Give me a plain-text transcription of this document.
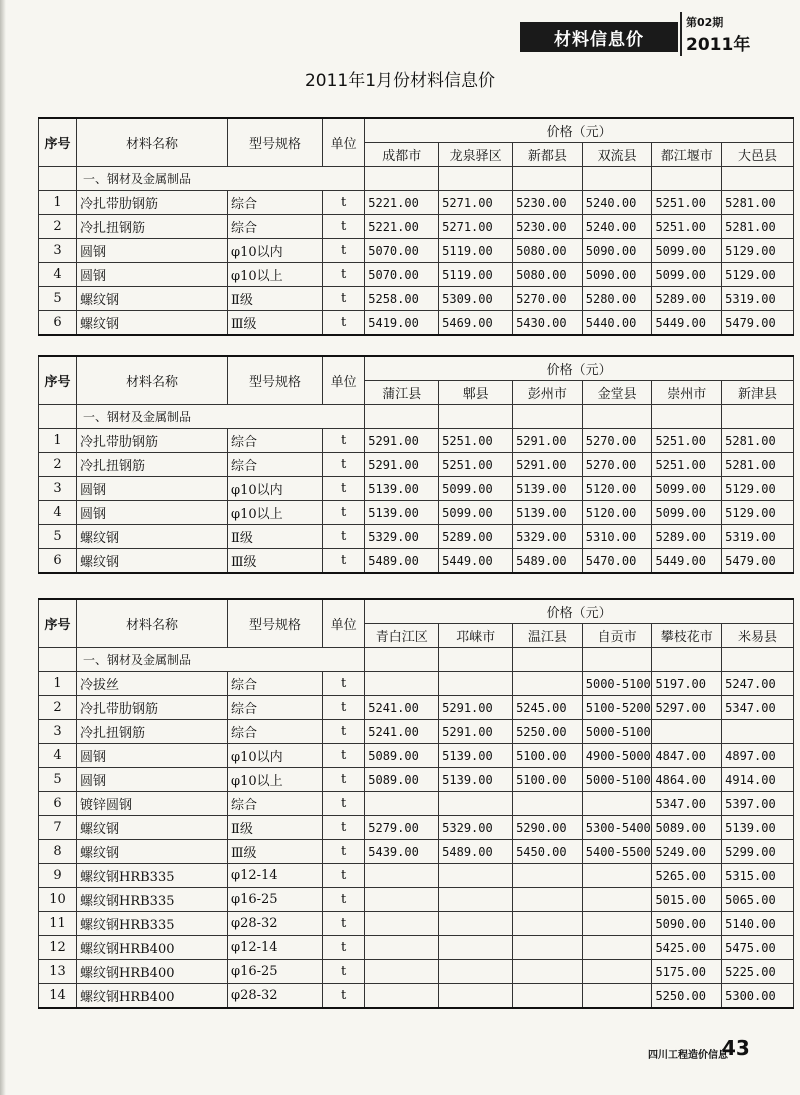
材料信息价
第02期
2011年
2011年1月份材料信息价
序号	材料名称	型号规格	单位	价格（元）					
				成都市	龙泉驿区	新都县	双流县	都江堰市	大邑县
	一、钢材及金属制品								
1	冷扎带肋钢筋	综合	t	5221.00	5271.00	5230.00	5240.00	5251.00	5281.00
2	冷扎扭钢筋	综合	t	5221.00	5271.00	5230.00	5240.00	5251.00	5281.00
3	圆钢	φ10以内	t	5070.00	5119.00	5080.00	5090.00	5099.00	5129.00
4	圆钢	φ10以上	t	5070.00	5119.00	5080.00	5090.00	5099.00	5129.00
5	螺纹钢	Ⅱ级	t	5258.00	5309.00	5270.00	5280.00	5289.00	5319.00
6	螺纹钢	Ⅲ级	t	5419.00	5469.00	5430.00	5440.00	5449.00	5479.00
序号	材料名称	型号规格	单位	价格（元）					
				蒲江县	郫县	彭州市	金堂县	崇州市	新津县
	一、钢材及金属制品								
1	冷扎带肋钢筋	综合	t	5291.00	5251.00	5291.00	5270.00	5251.00	5281.00
2	冷扎扭钢筋	综合	t	5291.00	5251.00	5291.00	5270.00	5251.00	5281.00
3	圆钢	φ10以内	t	5139.00	5099.00	5139.00	5120.00	5099.00	5129.00
4	圆钢	φ10以上	t	5139.00	5099.00	5139.00	5120.00	5099.00	5129.00
5	螺纹钢	Ⅱ级	t	5329.00	5289.00	5329.00	5310.00	5289.00	5319.00
6	螺纹钢	Ⅲ级	t	5489.00	5449.00	5489.00	5470.00	5449.00	5479.00
序号	材料名称	型号规格	单位	价格（元）					
				青白江区	邛崃市	温江县	自贡市	攀枝花市	米易县
	一、钢材及金属制品								
1	冷拔丝	综合	t				5000-5100	5197.00	5247.00
2	冷扎带肋钢筋	综合	t	5241.00	5291.00	5245.00	5100-5200	5297.00	5347.00
3	冷扎扭钢筋	综合	t	5241.00	5291.00	5250.00	5000-5100		
4	圆钢	φ10以内	t	5089.00	5139.00	5100.00	4900-5000	4847.00	4897.00
5	圆钢	φ10以上	t	5089.00	5139.00	5100.00	5000-5100	4864.00	4914.00
6	镀锌圆钢	综合	t					5347.00	5397.00
7	螺纹钢	Ⅱ级	t	5279.00	5329.00	5290.00	5300-5400	5089.00	5139.00
8	螺纹钢	Ⅲ级	t	5439.00	5489.00	5450.00	5400-5500	5249.00	5299.00
9	螺纹钢HRB335	φ12-14	t					5265.00	5315.00
10	螺纹钢HRB335	φ16-25	t					5015.00	5065.00
11	螺纹钢HRB335	φ28-32	t					5090.00	5140.00
12	螺纹钢HRB400	φ12-14	t					5425.00	5475.00
13	螺纹钢HRB400	φ16-25	t					5175.00	5225.00
14	螺纹钢HRB400	φ28-32	t					5250.00	5300.00
四川工程造价信息
43
